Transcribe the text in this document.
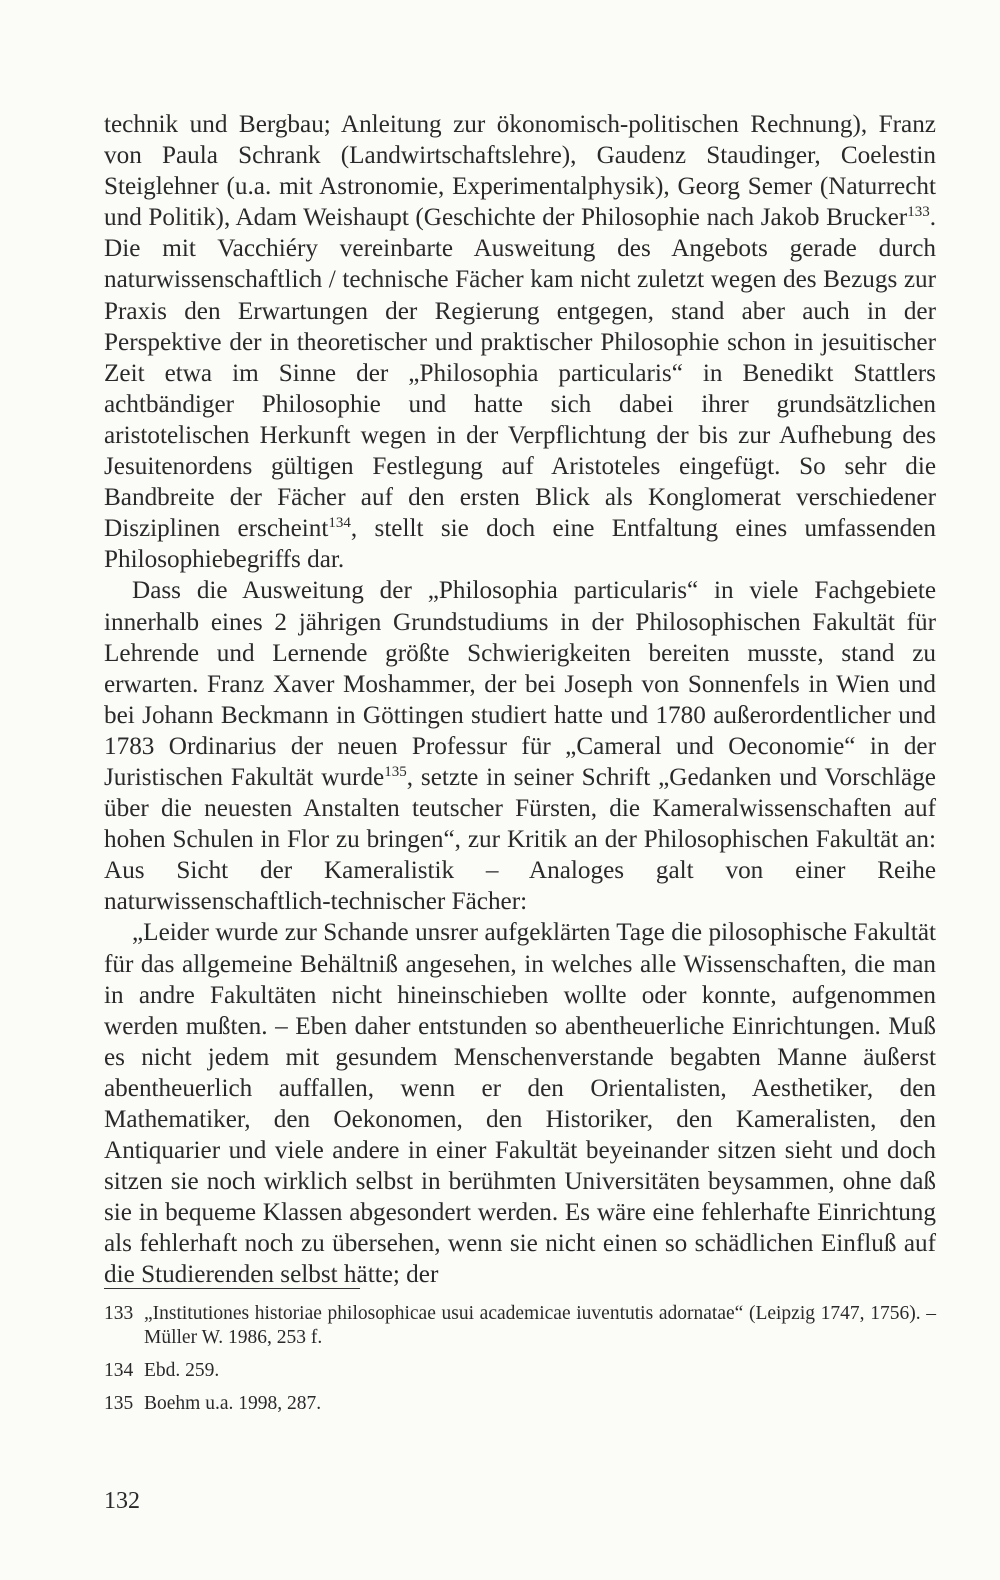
technik und Bergbau; Anleitung zur ökonomisch-politischen Rechnung), Franz von Paula Schrank (Landwirtschaftslehre), Gaudenz Staudinger, Coelestin Steiglehner (u.a. mit Astronomie, Experimentalphysik), Georg Semer (Naturrecht und Politik), Adam Weishaupt (Geschichte der Philosophie nach Jakob Brucker$^{133}$. Die mit Vacchiéry vereinbarte Ausweitung des Angebots gerade durch naturwissenschaftlich / technische Fächer kam nicht zuletzt wegen des Bezugs zur Praxis den Erwartungen der Regierung entgegen, stand aber auch in der Perspektive der in theoretischer und praktischer Philosophie schon in jesuitischer Zeit etwa im Sinne der „Philosophia particularis“ in Benedikt Stattlers achtbändiger Philosophie und hatte sich dabei ihrer grundsätzlichen aristotelischen Herkunft wegen in der Verpflichtung der bis zur Aufhebung des Jesuitenordens gültigen Festlegung auf Aristoteles eingefügt. So sehr die Bandbreite der Fächer auf den ersten Blick als Konglomerat verschiedener Disziplinen erscheint$^{134}$, stellt sie doch eine Entfaltung eines umfassenden Philosophiebegriffs dar.

Dass die Ausweitung der „Philosophia particularis“ in viele Fachgebiete innerhalb eines 2 jährigen Grundstudiums in der Philosophischen Fakultät für Lehrende und Lernende größte Schwierigkeiten bereiten musste, stand zu erwarten. Franz Xaver Moshammer, der bei Joseph von Sonnenfels in Wien und bei Johann Beckmann in Göttingen studiert hatte und 1780 außerordentlicher und 1783 Ordinarius der neuen Professur für „Cameral und Oeconomie“ in der Juristischen Fakultät wurde$^{135}$, setzte in seiner Schrift „Gedanken und Vorschläge über die neuesten Anstalten teutscher Fürsten, die Kameralwissenschaften auf hohen Schulen in Flor zu bringen“, zur Kritik an der Philosophischen Fakultät an: Aus Sicht der Kameralistik – Analoges galt von einer Reihe naturwissenschaftlich-technischer Fächer:

„Leider wurde zur Schande unsrer aufgeklärten Tage die pilosophische Fakultät für das allgemeine Behältniß angesehen, in welches alle Wissenschaften, die man in andre Fakultäten nicht hineinschieben wollte oder konnte, aufgenommen werden mußten. – Eben daher entstunden so abentheuerliche Einrichtungen. Muß es nicht jedem mit gesundem Menschenverstande begabten Manne äußerst abentheuerlich auffallen, wenn er den Orientalisten, Aesthetiker, den Mathematiker, den Oekonomen, den Historiker, den Kameralisten, den Antiquarier und viele andere in einer Fakultät beyeinander sitzen sieht und doch sitzen sie noch wirklich selbst in berühmten Universitäten beysammen, ohne daß sie in bequeme Klassen abgesondert werden. Es wäre eine fehlerhafte Einrichtung als fehlerhaft noch zu übersehen, wenn sie nicht einen so schädlichen Einfluß auf die Studierenden selbst hätte; der

133 „Institutiones historiae philosophicae usui academicae iuventutis adornatae“ (Leipzig 1747, 1756). – Müller W. 1986, 253 f.
134 Ebd. 259.
135 Boehm u.a. 1998, 287.
132
